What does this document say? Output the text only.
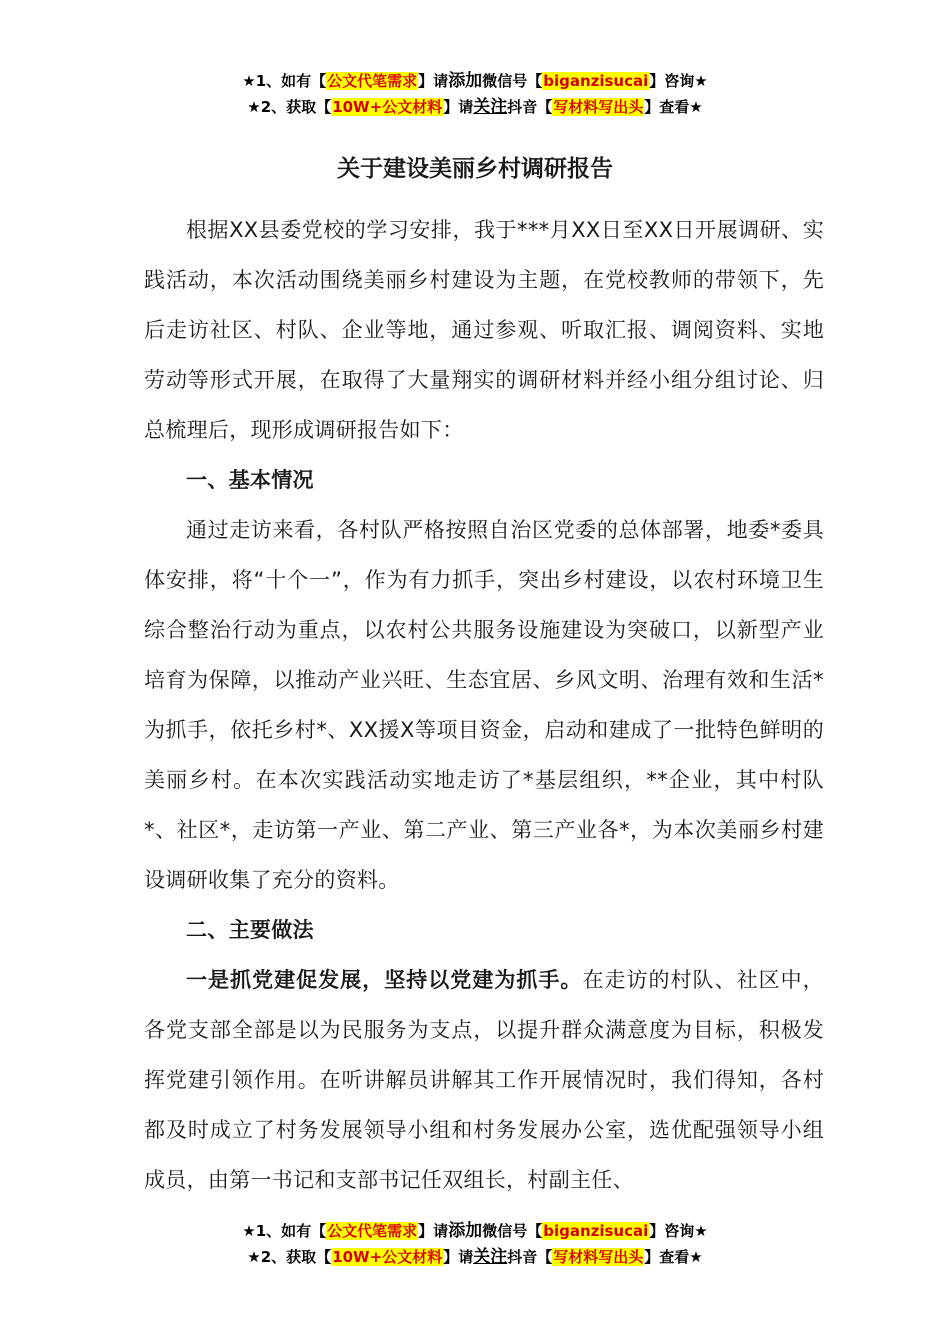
★1、如有【公文代笔需求】请添加微信号【biganzisucai】咨询★
★2、获取【10W+公文材料】请关注抖音【写材料写出头】查看★
关于建设美丽乡村调研报告

根据XX县委党校的学习安排，我于***月XX日至XX日开展调研、实践活动，本次活动围绕美丽乡村建设为主题，在党校教师的带领下，先后走访社区、村队、企业等地，通过参观、听取汇报、调阅资料、实地劳动等形式开展，在取得了大量翔实的调研材料并经小组分组讨论、归总梳理后，现形成调研报告如下：

一、基本情况

通过走访来看，各村队严格按照自治区党委的总体部署，地委*委具体安排，将“十个一”，作为有力抓手，突出乡村建设，以农村环境卫生综合整治行动为重点，以农村公共服务设施建设为突破口，以新型产业培育为保障，以推动产业兴旺、生态宜居、乡风文明、治理有效和生活*为抓手，依托乡村*、XX援X等项目资金，启动和建成了一批特色鲜明的美丽乡村。在本次实践活动实地走访了*基层组织，**企业，其中村队*、社区*，走访第一产业、第二产业、第三产业各*，为本次美丽乡村建设调研收集了充分的资料。

二、主要做法

一是抓党建促发展，坚持以党建为抓手。在走访的村队、社区中，各党支部全部是以为民服务为支点，以提升群众满意度为目标，积极发挥党建引领作用。在听讲解员讲解其工作开展情况时，我们得知，各村都及时成立了村务发展领导小组和村务发展办公室，选优配强领导小组成员，由第一书记和支部书记任双组长，村副主任、

★1、如有【公文代笔需求】请添加微信号【biganzisucai】咨询★
★2、获取【10W+公文材料】请关注抖音【写材料写出头】查看★
